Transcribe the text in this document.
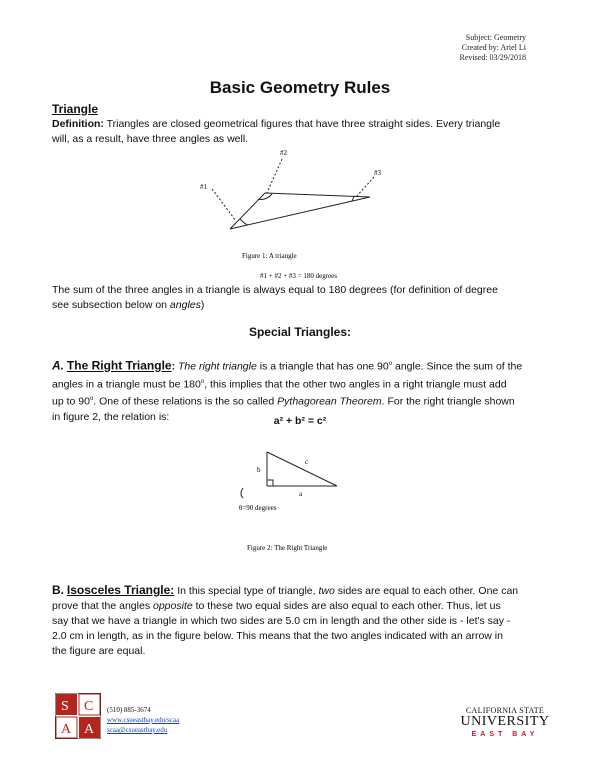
Subject: Geometry
Created by: Ariel Li
Revised: 03/29/2018
Basic Geometry Rules
Triangle
Definition: Triangles are closed geometrical figures that have three straight sides. Every triangle
will, as a result, have three angles as well.
#1
#2
#3
Figure 1: A triangle
#1 + #2 + #3 = 180 degrees
The sum of the three angles in a triangle is always equal to 180 degrees (for definition of degree
see subsection below on angles)
Special Triangles:
A. The Right Triangle: The right triangle is a triangle that has one 90$^o$ angle. Since the sum of the
angles in a triangle must be 180$^o$, this implies that the other two angles in a right triangle must add
up to 90$^o$. One of these relations is the so called Pythagorean Theorem. For the right triangle shown
in figure 2, the relation is:	a² + b² = c²
b
c
a
θ=90 degrees
Figure 2: The Right Triangle
B. Isosceles Triangle: In this special type of triangle, two sides are equal to each other. One can
prove that the angles opposite to these two equal sides are also equal to each other. Thus, let us
say that we have a triangle in which two sides are 5.0 cm in length and the other side is - let's say -
2.0 cm in length, as in the figure below. This means that the two angles indicated with an arrow in
the figure are equal.
S C
A A
(510) 885-3674
www.csueastbay.edu/scaa
scaa@csueastbay.edu
CALIFORNIA STATE
UNIVERSITY
EAST BAY
